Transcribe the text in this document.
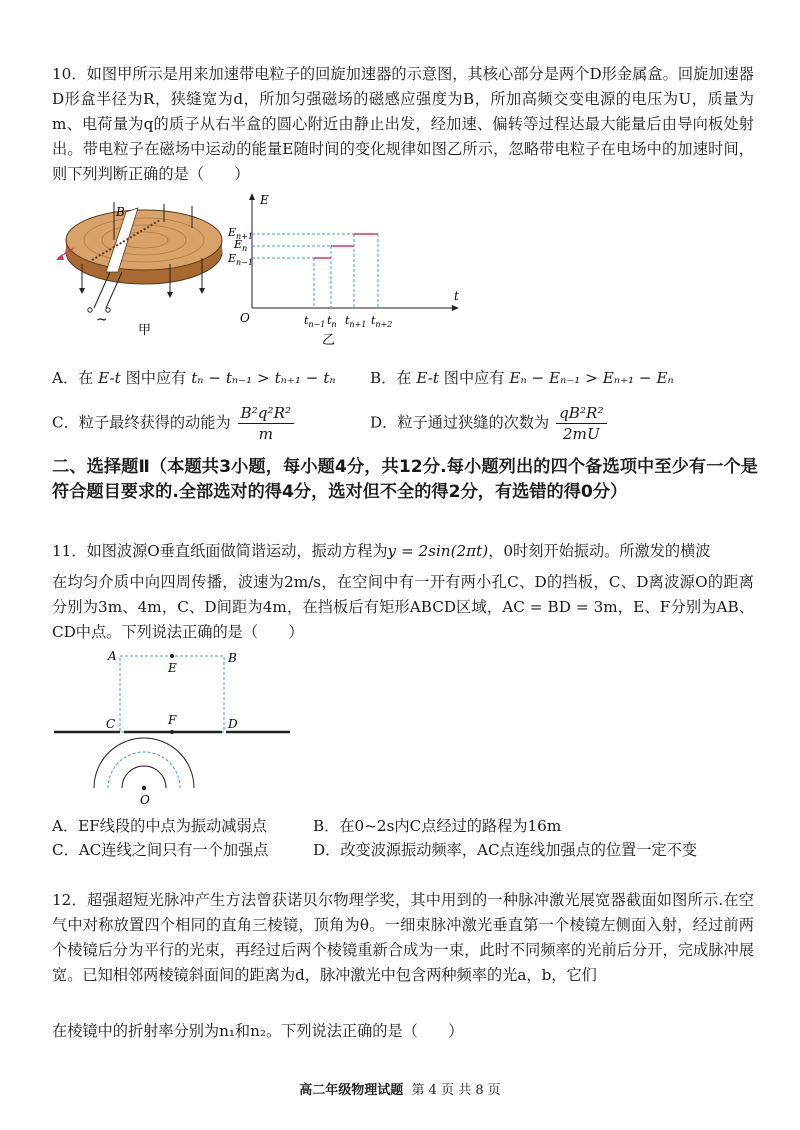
10．如图甲所示是用来加速带电粒子的回旋加速器的示意图，其核心部分是两个D形金属盒。回旋加速器D形盒半径为R，狭缝宽为d，所加匀强磁场的磁感应强度为B，所加高频交变电源的电压为U，质量为m、电荷量为q的质子从右半盒的圆心附近由静止出发，经加速、偏转等过程达最大能量后由导向板处射出。带电粒子在磁场中运动的能量E随时间的变化规律如图乙所示，忽略带电粒子在电场中的加速时间，则下列判断正确的是（　　）
B
~
甲
E
t
O
$E_{n+1}$
$E_n$
$E_{n-1}$
$t_{n-1}$ $t_n$ $t_{n+1}$ $t_{n+2}$
乙
A．在 E-t 图中应有 tₙ − tₙ₋₁ > tₙ₊₁ − tₙ B．在 E-t 图中应有 Eₙ − Eₙ₋₁ > Eₙ₊₁ − Eₙ
C．粒子最终获得的动能为 $\frac{\text{B²q²R²}}{m}$	D．粒子通过狭缝的次数为 $\frac{\text{qB²R²}}{2mU}$
二、选择题Ⅱ（本题共3小题，每小题4分，共12分.每小题列出的四个备选项中至少有一个是符合题目要求的.全部选对的得4分，选对但不全的得2分，有选错的得0分）
11．如图波源O垂直纸面做简谐运动，振动方程为y = 2sin(2πt)，0时刻开始振动。所激发的横波
在均匀介质中向四周传播，波速为2m/s，在空间中有一开有两小孔C、D的挡板，C、D离波源O的距离分别为3m、4m，C、D间距为4m，在挡板后有矩形ABCD区域，AC = BD = 3m，E、F分别为AB、CD中点。下列说法正确的是（　　）
A	B
E
F
C	D
O
A．EF线段的中点为振动减弱点	B．在0~2s内C点经过的路程为16m
C．AC连线之间只有一个加强点	D．改变波源振动频率，AC点连线加强点的位置一定不变
12．超强超短光脉冲产生方法曾获诺贝尔物理学奖，其中用到的一种脉冲激光展宽器截面如图所示.在空气中对称放置四个相同的直角三棱镜，顶角为θ。一细束脉冲激光垂直第一个棱镜左侧面入射，经过前两个棱镜后分为平行的光束，再经过后两个棱镜重新合成为一束，此时不同频率的光前后分开，完成脉冲展宽。已知相邻两棱镜斜面间的距离为d，脉冲激光中包含两种频率的光a，b，它们
在棱镜中的折射率分别为n₁和n₂。下列说法正确的是（　　）
高二年级物理试题 第 4 页 共 8 页
